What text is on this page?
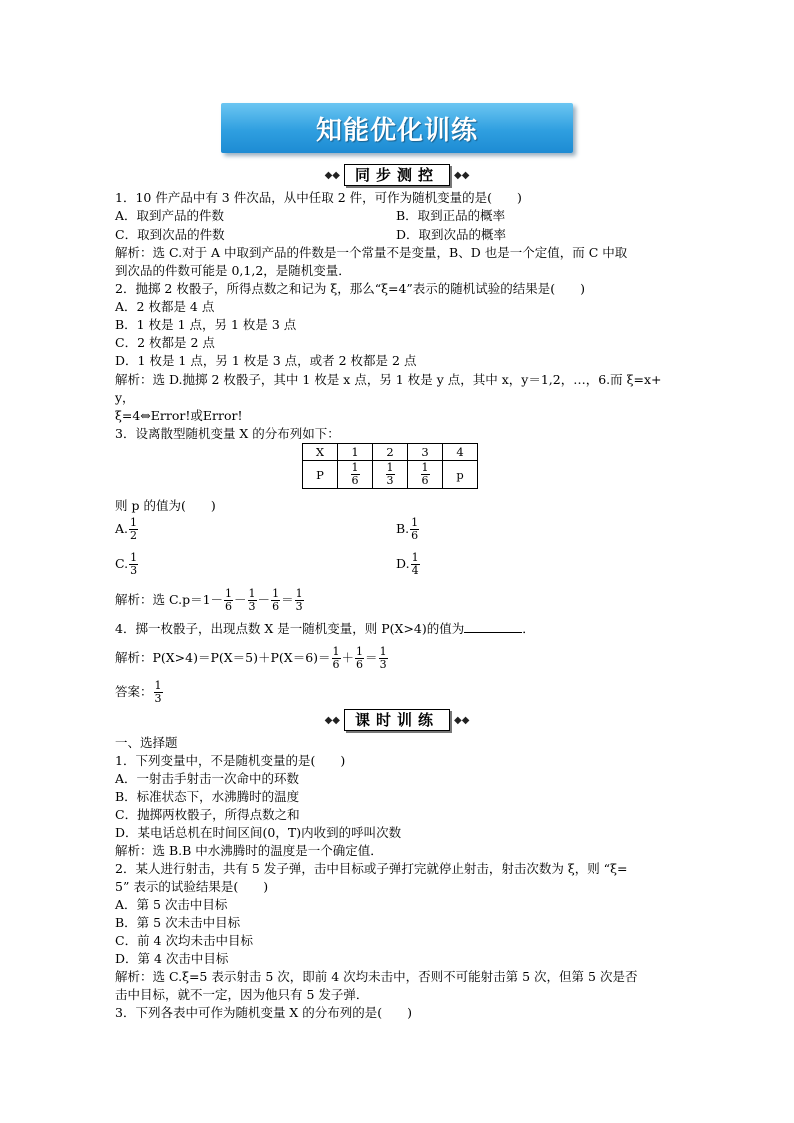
知能优化训练
◆◆	同步测控	◆◆
1．10 件产品中有 3 件次品，从中任取 2 件，可作为随机变量的是(　　)
A．取到产品的件数	B．取到正品的概率
C．取到次品的件数	D．取到次品的概率
解析：选 C.对于 A 中取到产品的件数是一个常量不是变量，B、D 也是一个定值，而 C 中取
到次品的件数可能是 0,1,2，是随机变量．
2．抛掷 2 枚骰子，所得点数之和记为 ξ，那么“ξ=4”表示的随机试验的结果是(　　)
A．2 枚都是 4 点
B．1 枚是 1 点，另 1 枚是 3 点
C．2 枚都是 2 点
D．1 枚是 1 点，另 1 枚是 3 点，或者 2 枚都是 2 点
解析：选 D.抛掷 2 枚骰子，其中 1 枚是 x 点，另 1 枚是 y 点，其中 x，y＝1,2，…，6.而 ξ=x+
y，
ξ=4⇔Error!或Error!
3．设离散型随机变量 X 的分布列如下：
X	1	2	3	4
P	$\frac{1}{6}$	$\frac{1}{3}$	$\frac{1}{6}$	p
则 p 的值为(　　)
A. $\frac{1}{2}$	B. $\frac{1}{6}$
C. $\frac{1}{3}$	D. $\frac{1}{4}$
解析：选 $C.p=1- \frac{1}{6} - \frac{1}{3} - \frac{1}{6} = \frac{1}{3}$
4．掷一枚骰子，出现点数 X 是一随机变量，则 P(X>4)的值为	．
解析：$P(X>4)=P(X=5)+P(X=6)= \frac{1}{6} + \frac{1}{6} = \frac{1}{3}$
答案： $\frac{1}{3}$
◆◆	课时训练	◆◆
一、选择题
1．下列变量中，不是随机变量的是(　　)
A．一射击手射击一次命中的环数
B．标准状态下，水沸腾时的温度
C．抛掷两枚骰子，所得点数之和
D．某电话总机在时间区间(0，T)内收到的呼叫次数
解析：选 B.B 中水沸腾时的温度是一个确定值．
2．某人进行射击，共有 5 发子弹，击中目标或子弹打完就停止射击，射击次数为 ξ，则 “ξ=
5” 表示的试验结果是(　　)
A．第 5 次击中目标
B．第 5 次未击中目标
C．前 4 次均未击中目标
D．第 4 次击中目标
解析：选 C.ξ=5 表示射击 5 次，即前 4 次均未击中，否则不可能射击第 5 次，但第 5 次是否
击中目标，就不一定，因为他只有 5 发子弹．
3．下列各表中可作为随机变量 X 的分布列的是(　　)
